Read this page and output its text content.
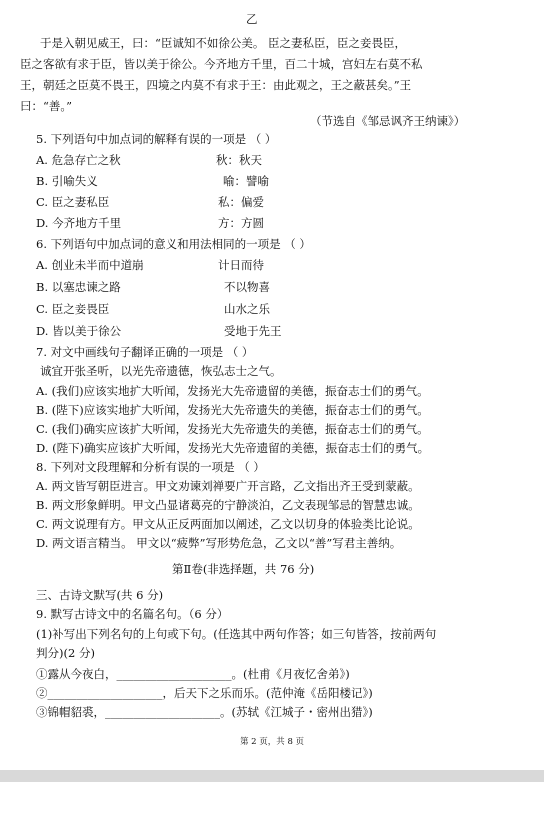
乙
于是入朝见威王，曰：“臣诚知不如徐公美。 臣之妻私臣，臣之妾畏臣，
臣之客欲有求于臣，皆以美于徐公。今齐地方千里，百二十城，宫妇左右莫不私
王，朝廷之臣莫不畏王，四境之内莫不有求于王：由此观之，王之蔽甚矣。”王
曰：“善。”
（节选自《邹忌讽齐王纳谏》）
5. 下列语句中加点词的解释有误的一项是 （ ）
A. 危急存亡之秋	秋：秋天
B. 引喻失义	喻：譬喻
C. 臣之妻私臣	私：偏爱
D. 今齐地方千里	方：方圆
6. 下列语句中加点词的意义和用法相同的一项是 （ ）
A. 创业未半而中道崩	计日而待
B. 以塞忠谏之路	不以物喜
C. 臣之妾畏臣	山水之乐
D. 皆以美于徐公	受地于先王
7. 对文中画线句子翻译正确的一项是 （ ）
诚宜开张圣听，以光先帝遗德，恢弘志士之气。
A. (我们)应该实地扩大听闻，发扬光大先帝遗留的美德，振奋志士们的勇气。
B. (陛下)应该实地扩大听闻，发扬光大先帝遗失的美德，振奋志士们的勇气。
C. (我们)确实应该扩大听闻，发扬光大先帝遗失的美德，振奋志士们的勇气。
D. (陛下)确实应该扩大听闻，发扬光大先帝遗留的美德，振奋志士们的勇气。
8. 下列对文段理解和分析有误的一项是 （ ）
A. 两文皆写朝臣进言。甲文劝谏刘禅要广开言路，乙文指出齐王受到蒙蔽。
B. 两文形象鲜明。甲文凸显诸葛亮的宁静淡泊，乙文表现邹忌的智慧忠诚。
C. 两文说理有方。甲文从正反两面加以阐述，乙文以切身的体验类比论说。
D. 两文语言精当。 甲文以“疲弊”写形势危急，乙文以“善”写君主善纳。
第Ⅱ卷(非选择题，共 76 分)
三、古诗文默写(共 6 分)
9. 默写古诗文中的名篇名句。（6 分）
(1)补写出下列名句的上句或下句。(任选其中两句作答；如三句皆答，按前两句
判分)(2 分)
①露从今夜白，____________________。(杜甫《月夜忆舍弟》)
②____________________，后天下之乐而乐。(范仲淹《岳阳楼记》)
③锦帽貂裘，____________________。(苏轼《江城子・密州出猎》)
第 2 页，共 8 页
